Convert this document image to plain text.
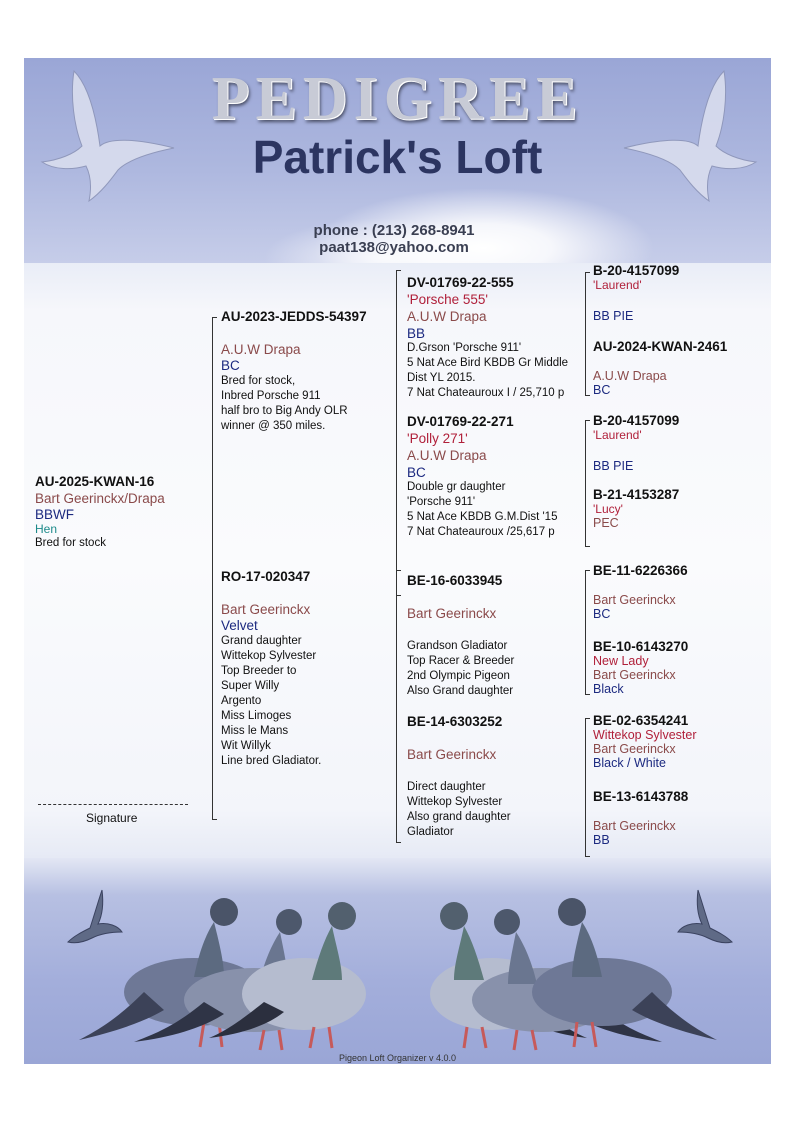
PEDIGREE
Patrick's Loft
phone : (213) 268-8941
paat138@yahoo.com
AU-2025-KWAN-16
Bart Geerinckx/Drapa
BBWF
Hen
Bred for stock
Signature
AU-2023-JEDDS-54397
A.U.W Drapa
BC
Bred for stock,
Inbred Porsche 911
half bro to Big Andy OLR
winner @ 350 miles.
RO-17-020347
Bart Geerinckx
Velvet
Grand daughter
Wittekop Sylvester
Top Breeder to
Super Willy
Argento
Miss Limoges
Miss le Mans
Wit Willyk
Line bred Gladiator.
DV-01769-22-555
'Porsche 555'
A.U.W Drapa
BB
D.Grson 'Porsche 911'
5 Nat Ace Bird KBDB Gr Middle
Dist YL 2015.
7 Nat Chateauroux I / 25,710 p
DV-01769-22-271
'Polly 271'
A.U.W Drapa
BC
Double gr daughter
'Porsche 911'
5 Nat Ace KBDB G.M.Dist '15
7 Nat Chateauroux /25,617 p
BE-16-6033945
Bart Geerinckx
Grandson Gladiator
Top Racer & Breeder
2nd Olympic Pigeon
Also Grand daughter
BE-14-6303252
Bart Geerinckx
Direct daughter
Wittekop Sylvester
Also grand daughter
Gladiator
B-20-4157099
'Laurend'
BB PIE
AU-2024-KWAN-2461
A.U.W Drapa
BC
B-20-4157099
'Laurend'
BB PIE
B-21-4153287
'Lucy'
PEC
BE-11-6226366
Bart Geerinckx
BC
BE-10-6143270
New Lady
Bart Geerinckx
Black
BE-02-6354241
Wittekop Sylvester
Bart Geerinckx
Black / White
BE-13-6143788
Bart Geerinckx
BB
Pigeon Loft Organizer v 4.0.0
